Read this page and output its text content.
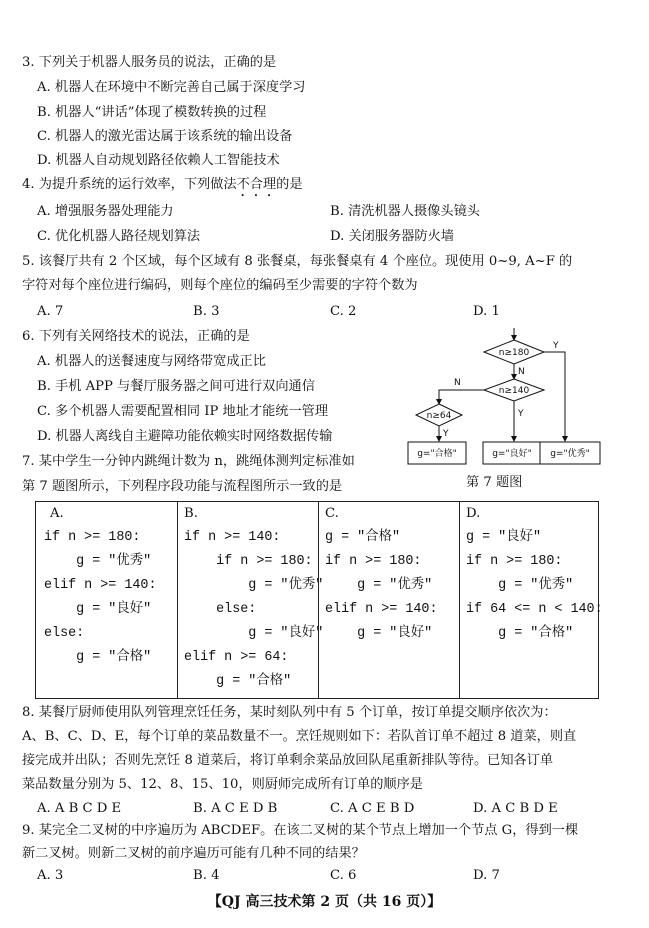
3. 下列关于机器人服务员的说法，正确的是
A. 机器人在环境中不断完善自己属于深度学习
B. 机器人“讲话”体现了模数转换的过程
C. 机器人的激光雷达属于该系统的输出设备
D. 机器人自动规划路径依赖人工智能技术
4. 为提升系统的运行效率，下列做法不合理的是
A. 增强服务器处理能力	B. 清洗机器人摄像头镜头
C. 优化机器人路径规划算法	D. 关闭服务器防火墙
5. 该餐厅共有 2 个区域，每个区域有 8 张餐桌，每张餐桌有 4 个座位。现使用 0~9, A~F 的
字符对每个座位进行编码，则每个座位的编码至少需要的字符个数为
A. 7	B. 3	C. 2	D. 1
6. 下列有关网络技术的说法，正确的是
A. 机器人的送餐速度与网络带宽成正比
B. 手机 APP 与餐厅服务器之间可进行双向通信
C. 多个机器人需要配置相同 IP 地址才能统一管理
D. 机器人离线自主避障功能依赖实时网络数据传输
n≥180
Y
N
n≥140
Y
N
n≥64
Y
g="合格"	g="良好" g="优秀"
第 7 题图
7. 某中学生一分钟内跳绳计数为 n，跳绳体测判定标准如
第 7 题图所示，下列程序段功能与流程图所示一致的是
A.
if n >= 180:
g = "优秀"
elif n >= 140:
g = "良好"
else:
g = "合格"
B.
if n >= 140:
if n >= 180:
g = "优秀"
else:
g = "良好"
elif n >= 64:
g = "合格"
C.
g = "合格"
if n >= 180:
g = "优秀"
elif n >= 140:
g = "良好"
D.
g = "良好"
if n >= 180:
g = "优秀"
if 64 <= n < 140:
g = "合格"
8. 某餐厅厨师使用队列管理烹饪任务，某时刻队列中有 5 个订单，按订单提交顺序依次为：
A、B、C、D、E，每个订单的菜品数量不一。烹饪规则如下：若队首订单不超过 8 道菜，则直
接完成并出队；否则先烹饪 8 道菜后，将订单剩余菜品放回队尾重新排队等待。已知各订单
菜品数量分别为 5、12、8、15、10，则厨师完成所有订单的顺序是
A. A B C D E	B. A C E D B	C. A C E B D	D. A C B D E
9. 某完全二叉树的中序遍历为 ABCDEF。在该二叉树的某个节点上增加一个节点 G，得到一棵
新二叉树。则新二叉树的前序遍历可能有几种不同的结果？
A. 3	B. 4	C. 6	D. 7
【QJ 高三技术第 2 页（共 16 页）】
